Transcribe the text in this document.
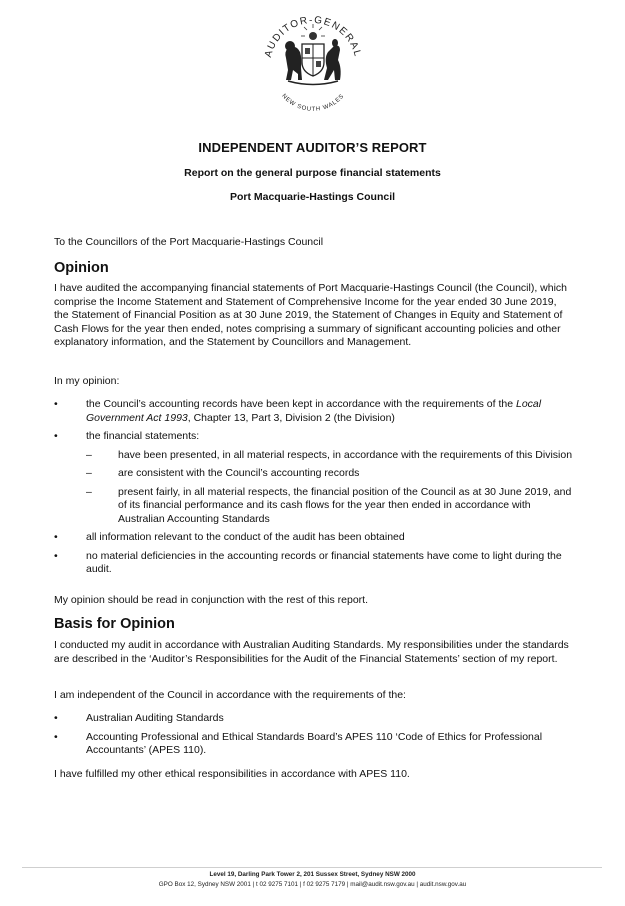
AUDITOR-GENERAL
NEW SOUTH WALES
INDEPENDENT AUDITOR’S REPORT
Report on the general purpose financial statements
Port Macquarie-Hastings Council
To the Councillors of the Port Macquarie-Hastings Council
Opinion
I have audited the accompanying financial statements of Port Macquarie-Hastings Council (the Council), which comprise the Income Statement and Statement of Comprehensive Income for the year ended 30 June 2019, the Statement of Financial Position as at 30 June 2019, the Statement of Changes in Equity and Statement of Cash Flows for the year then ended, notes comprising a summary of significant accounting policies and other explanatory information, and the Statement by Councillors and Management.
In my opinion:
•	the Council’s accounting records have been kept in accordance with the requirements of the Local Government Act 1993, Chapter 13, Part 3, Division 2 (the Division)
•	the financial statements:
– have been presented, in all material respects, in accordance with the requirements of this Division
– are consistent with the Council’s accounting records
– present fairly, in all material respects, the financial position of the Council as at 30 June 2019, and of its financial performance and its cash flows for the year then ended in accordance with Australian Accounting Standards
•	all information relevant to the conduct of the audit has been obtained
•	no material deficiencies in the accounting records or financial statements have come to light during the audit.
My opinion should be read in conjunction with the rest of this report.
Basis for Opinion
I conducted my audit in accordance with Australian Auditing Standards. My responsibilities under the standards are described in the ‘Auditor’s Responsibilities for the Audit of the Financial Statements’ section of my report.
I am independent of the Council in accordance with the requirements of the:
•	Australian Auditing Standards
•	Accounting Professional and Ethical Standards Board’s APES 110 ‘Code of Ethics for Professional Accountants’ (APES 110).
I have fulfilled my other ethical responsibilities in accordance with APES 110.
Level 19, Darling Park Tower 2, 201 Sussex Street, Sydney NSW 2000
GPO Box 12, Sydney NSW 2001 | t 02 9275 7101 | f 02 9275 7179 | mail@audit.nsw.gov.au | audit.nsw.gov.au
